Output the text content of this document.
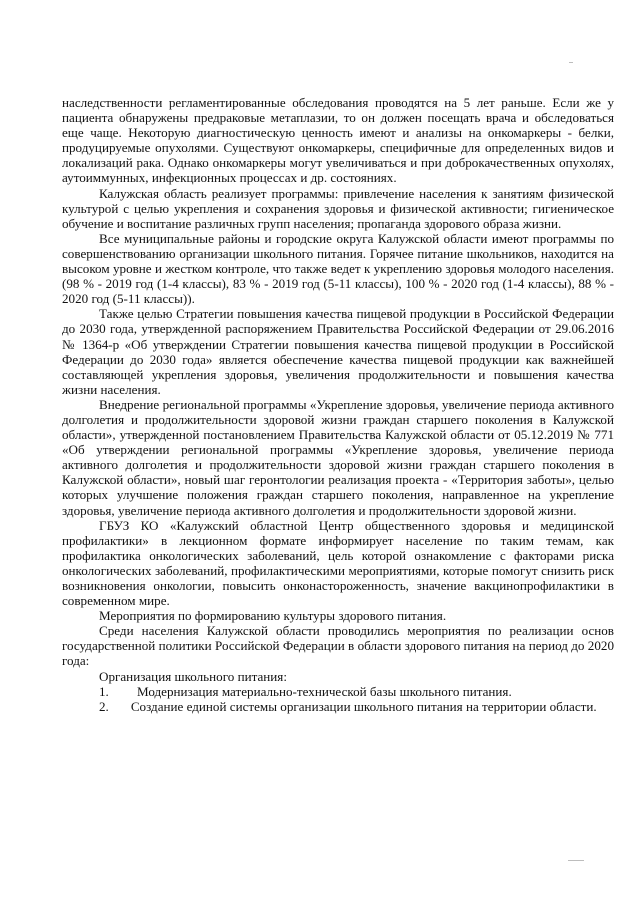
наследственности регламентированные обследования проводятся на 5 лет раньше. Если же у пациента обнаружены предраковые метаплазии, то он должен посещать врача и обследоваться еще чаще. Некоторую диагностическую ценность имеют и анализы на онкомаркеры - белки, продуцируемые опухолями. Существуют онкомаркеры, специфичные для определенных видов и локализаций рака. Однако онкомаркеры могут увеличиваться и при доброкачественных опухолях, аутоиммунных, инфекционных процессах и др. состояниях.

Калужская область реализует программы: привлечение населения к занятиям физической культурой с целью укрепления и сохранения здоровья и физической активности; гигиеническое обучение и воспитание различных групп населения; пропаганда здорового образа жизни.

Все муниципальные районы и городские округа Калужской области имеют программы по совершенствованию организации школьного питания. Горячее питание школьников, находится на высоком уровне и жестком контроле, что также ведет к укреплению здоровья молодого населения. (98 % - 2019 год (1-4 классы), 83 % - 2019 год (5-11 классы), 100 % - 2020 год (1-4 классы), 88 % - 2020 год (5-11 классы)).

Также целью Стратегии повышения качества пищевой продукции в Российской Федерации до 2030 года, утвержденной распоряжением Правительства Российской Федерации от 29.06.2016 № 1364-р «Об утверждении Стратегии повышения качества пищевой продукции в Российской Федерации до 2030 года» является обеспечение качества пищевой продукции как важнейшей составляющей укрепления здоровья, увеличения продолжительности и повышения качества жизни населения.

Внедрение региональной программы «Укрепление здоровья, увеличение периода активного долголетия и продолжительности здоровой жизни граждан старшего поколения в Калужской области», утвержденной постановлением Правительства Калужской области от 05.12.2019 № 771 «Об утверждении региональной программы «Укрепление здоровья, увеличение периода активного долголетия и продолжительности здоровой жизни граждан старшего поколения в Калужской области», новый шаг геронтологии реализация проекта - «Территория заботы», целью которых улучшение положения граждан старшего поколения, направленное на укрепление здоровья, увеличение периода активного долголетия и продолжительности здоровой жизни.

ГБУЗ КО «Калужский областной Центр общественного здоровья и медицинской профилактики» в лекционном формате информирует население по таким темам, как профилактика онкологических заболеваний, цель которой ознакомление с факторами риска онкологических заболеваний, профилактическими мероприятиями, которые помогут снизить риск возникновения онкологии, повысить онконастороженность, значение вакцинопрофилактики в современном мире.

Мероприятия по формированию культуры здорового питания.

Среди населения Калужской области проводились мероприятия по реализации основ государственной политики Российской Федерации в области здорового питания на период до 2020 года:

Организация школьного питания:

1.	Модернизация материально-технической базы школьного питания.

2. Создание единой системы организации школьного питания на территории области.
